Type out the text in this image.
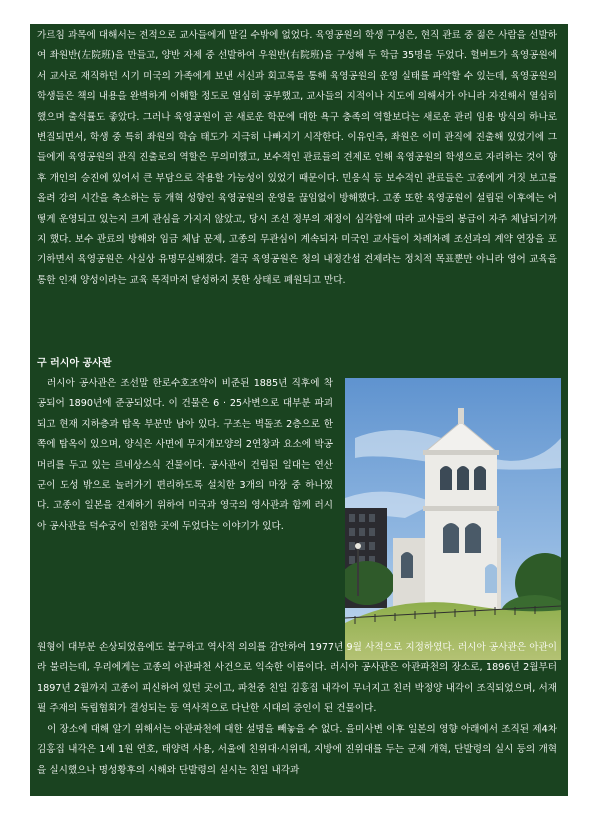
가르침 과목에 대해서는 전적으로 교사들에게 맡길 수밖에 없었다. 육영공원의 학생 구성은, 현직 관료 중 젊은 사람을 선발하여 좌원반(左院班)을 만들고, 양반 자제 중 선발하여 우원반(右院班)을 구성해 두 학급 35명을 두었다. 헐버트가 육영공원에서 교사로 재직하던 시기 미국의 가족에게 보낸 서신과 회고록을 통해 육영공원의 운영 실태를 파악할 수 있는데, 육영공원의 학생들은 책의 내용을 완벽하게 이해할 정도로 열심히 공부했고, 교사들의 지적이나 지도에 의해서가 아니라 자진해서 열심히 했으며 출석률도 좋았다. 그러나 육영공원이 곧 새로운 학문에 대한 욕구 충족의 역할보다는 새로운 관리 임용 방식의 하나로 변질되면서, 학생 중 특히 좌원의 학습 태도가 지극히 나빠지기 시작한다. 이유인즉, 좌원은 이미 관직에 진출해 있었기에 그들에게 육영공원의 관직 진출로의 역할은 무의미했고, 보수적인 관료들의 견제로 인해 육영공원의 학생으로 자리하는 것이 향후 개인의 승진에 있어서 큰 부담으로 작용할 가능성이 있었기 때문이다. 민응식 등 보수적인 관료들은 고종에게 거짓 보고를 올려 강의 시간을 축소하는 등 개혁 성향인 육영공원의 운영을 끊임없이 방해했다. 고종 또한 육영공원이 설립된 이후에는 어떻게 운영되고 있는지 크게 관심을 가지지 않았고, 당시 조선 정부의 재정이 심각함에 따라 교사들의 봉급이 자주 체납되기까지 했다. 보수 관료의 방해와 임금 체납 문제, 고종의 무관심이 계속되자 미국인 교사들이 차례차례 조선과의 계약 연장을 포기하면서 육영공원은 사실상 유명무실해졌다. 결국 육영공원은 청의 내정간섭 견제라는 정치적 목표뿐만 아니라 영어 교육을 통한 인재 양성이라는 교육 목적마저 달성하지 못한 상태로 폐원되고 만다.

구 러시아 공사관

러시아 공사관은 조선말 한로수호조약이 비준된 1885년 직후에 착공되어 1890년에 준공되었다. 이 건물은 6 · 25사변으로 대부분 파괴되고 현재 지하층과 탑옥 부분만 남아 있다. 구조는 벽돌조 2층으로 한쪽에 탑옥이 있으며, 양식은 사면에 무지개모양의 2연창과 요소에 박공머리를 두고 있는 르네상스식 건물이다. 공사관이 건립된 일대는 연산군이 도성 밖으로 놀러가기 편리하도록 설치한 3개의 마장 중 하나였다. 고종이 일본을 견제하기 위하여 미국과 영국의 영사관과 함께 러시아 공사관을 덕수궁이 인접한 곳에 두었다는 이야기가 있다.

원형이 대부분 손상되었음에도 불구하고 역사적 의의를 감안하여 1977년 9월 사적으로 지정하였다. 러시아 공사관은 아관이라 불리는데, 우리에게는 고종의 아관파천 사건으로 익숙한 이름이다. 러시아 공사관은 아관파천의 장소로, 1896년 2월부터 1897년 2월까지 고종이 피신하여 있던 곳이고, 파천중 친일 김홍집 내각이 무너지고 친러 박정양 내각이 조직되었으며, 서재필 주재의 독립협회가 결성되는 등 역사적으로 다난한 시대의 증인이 된 건물이다.

이 장소에 대해 알기 위해서는 아관파천에 대한 설명을 빼놓을 수 없다. 을미사변 이후 일본의 영향 아래에서 조직된 제4차 김홍집 내각은 1세 1원 연호, 태양력 사용, 서울에 친위대·시위대, 지방에 진위대를 두는 군제 개혁, 단발령의 실시 등의 개혁을 실시했으나 명성황후의 시해와 단발령의 실시는 친일 내각과
